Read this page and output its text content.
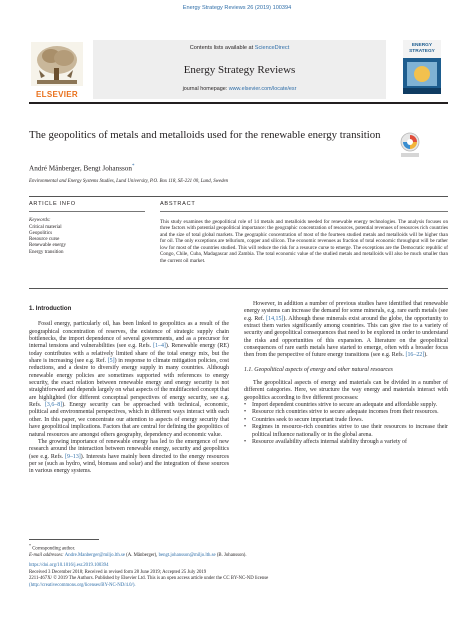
Energy Strategy Reviews 26 (2019) 100394
ELSEVIER
Contents lists available at ScienceDirect
Energy Strategy Reviews
journal homepage: www.elsevier.com/locate/esr
ENERGY STRATEGY
The geopolitics of metals and metalloids used for the renewable energy transition
André Månberger, Bengt Johansson*
Environmental and Energy Systems Studies, Lund University, P.O. Box 118, SE-221 00, Lund, Sweden
ARTICLE INFO	ABSTRACT
Keywords:
Critical material
Geopolitics
Resource curse
Renewable energy
Energy transition
This study examines the geopolitical role of 14 metals and metalloids needed for renewable energy technologies. The analysis focuses on three factors with potential geopolitical importance: the geographic concentration of resources, potential revenues of resources rich countries and the size of total global markets. The geographic concentration of most of the fourteen studied metals and metalloids will be higher than for oil. The only exceptions are tellurium, copper and silicon. The economic revenues as fraction of total economic throughput will be rather low for most of the countries studied. This will reduce the risk for a resource curse to emerge. The exceptions are the Democratic republic of Congo, Chile, Cuba, Madagascar and Zambia. The total economic value of the studied metals and metalloids will also be much smaller than the current oil market.
1. Introduction

Fossil energy, particularly oil, has been linked to geopolitics as a result of the geographical concentration of reserves, the existence of strategic supply chain bottlenecks, the import dependence of several governments, and as a precursor for internal tensions and vulnerabilities (see e.g. Refs. [1–4]). Renewable energy (RE) today contributes with a relatively limited share of the total energy mix, but the share is increasing (see e.g. Ref. [5]) in response to climate mitigation policies, cost reductions, and a desire to diversify energy supply in many countries. Although renewable energy policies are sometimes supported with references to energy security, the exact relation between renewable energy and energy security is not straightforward and depends largely on what aspects of the multifaceted concept that are highlighted (for different conceptual perspectives of energy security, see e.g. Refs. [3,6–8]). Energy security can be approached with technical, economic, political and environmental perspectives, which in different ways interact with each other. In this paper, we concentrate our attention to aspects of energy security that have geopolitical implications. Factors that are central for defining the geopolitics of natural resources are amongst others geography, dependency and economic value.

The growing importance of renewable energy has led to the emergence of new research around the interaction between renewable energy, security and geopolitics (see e.g. Refs. [9–13]). Interests have mainly been directed to the energy resources per se (such as hydro, wind, biomass and solar) and the integration of these sources in various energy systems.

However, in addition a number of previous studies have identified that renewable energy systems can increase the demand for some minerals, e.g. rare earth metals (see e.g. Ref. [14,15]). Although these minerals exist around the globe, the opportunity to extract them varies significantly among countries. This can give rise to a variety of security and geopolitical consequences that need to be explored in order to understand the risks and opportunities of this expansion. A literature on the geopolitical consequences of rare earth metals have started to emerge, often with a broader focus then from the perspective of future energy transitions (see e.g. Refs. [16–22]).

1.1. Geopolitical aspects of energy and other natural resources

The geopolitical aspects of energy and materials can be divided in a number of different categories. Here, we structure the way energy and materials interact with geopolitics according to five different processes:

• Import dependent countries strive to secure an adequate and affordable supply.
• Resource rich countries strive to secure adequate incomes from their resources.
• Countries seek to secure important trade flows.
• Regimes in resource-rich countries strive to use their resources to increase their political influence nationally or in the global arena.
• Resource availability affects internal stability through a variety of
* Corresponding author.
E-mail addresses: Andre.Manberger@miljo.lth.se (A. Månberger), bengt.johansson@miljo.lth.se (B. Johansson).
https://doi.org/10.1016/j.esr.2019.100394
Received 3 December 2018; Received in revised form 28 June 2019; Accepted 25 July 2019
2211-467X/ © 2019 The Authors. Published by Elsevier Ltd. This is an open access article under the CC BY-NC-ND license
(http://creativecommons.org/licenses/BY-NC-ND/4.0/).
